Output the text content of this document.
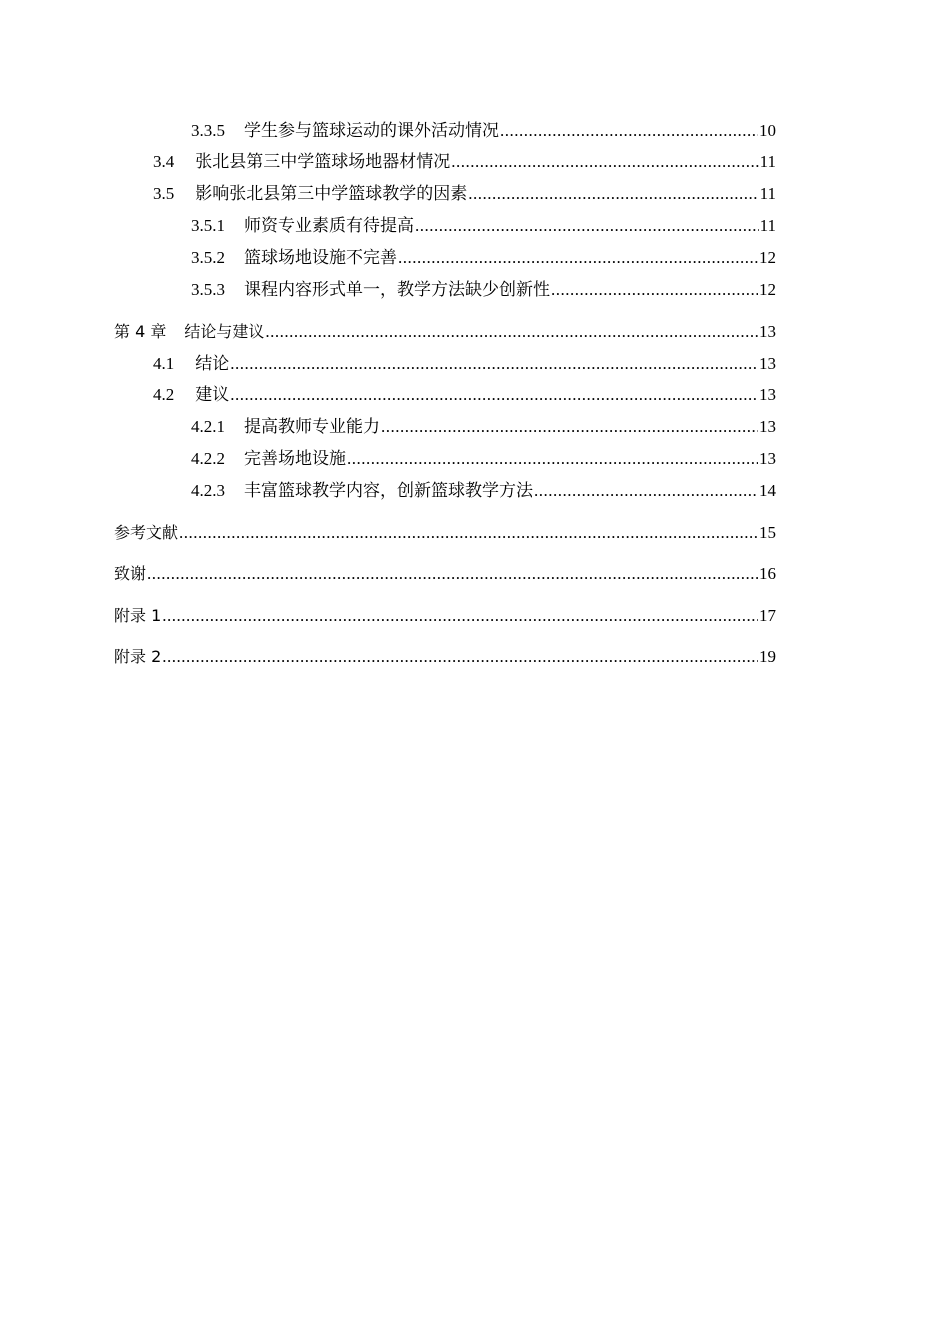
3.3.5 学生参与篮球运动的课外活动情况 .....	10
3.4 张北县第三中学篮球场地器材情况 .....	11
3.5 影响张北县第三中学篮球教学的因素 .....	11
3.5.1 师资专业素质有待提高 .....	11
3.5.2 篮球场地设施不完善 .....	12
3.5.3 课程内容形式单一，教学方法缺少创新性 .....	12
第 4 章 结论与建议 .....	13
4.1 结论 .....	13
4.2 建议 .....	13
4.2.1 提高教师专业能力 .....	13
4.2.2 完善场地设施 .....	13
4.2.3 丰富篮球教学内容，创新篮球教学方法 .....	14
参考文献 .....	15
致谢 .....	16
附录 1 .....	17
附录 2 .....	19
